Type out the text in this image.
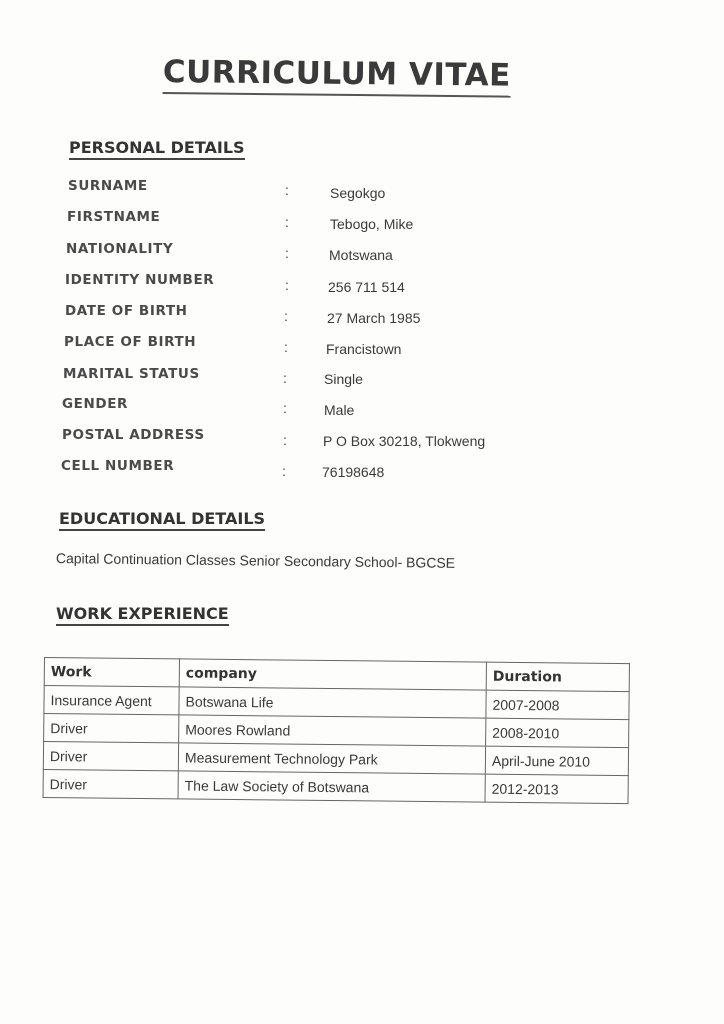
CURRICULUM VITAE
PERSONAL DETAILS
SURNAME	:	Segokgo
FIRSTNAME	:	Tebogo, Mike
NATIONALITY	:	Motswana
IDENTITY NUMBER	:	256 711 514
DATE OF BIRTH	:	27 March 1985
PLACE OF BIRTH	:	Francistown
MARITAL STATUS	:	Single
GENDER	:	Male
POSTAL ADDRESS	:	P O Box 30218, Tlokweng
CELL NUMBER	:	76198648
EDUCATIONAL DETAILS
Capital Continuation Classes Senior Secondary School- BGCSE
WORK EXPERIENCE
Work	company	Duration
Insurance Agent	Botswana Life	2007-2008
Driver	Moores Rowland	2008-2010
Driver	Measurement Technology Park	April-June 2010
Driver	The Law Society of Botswana	2012-2013
